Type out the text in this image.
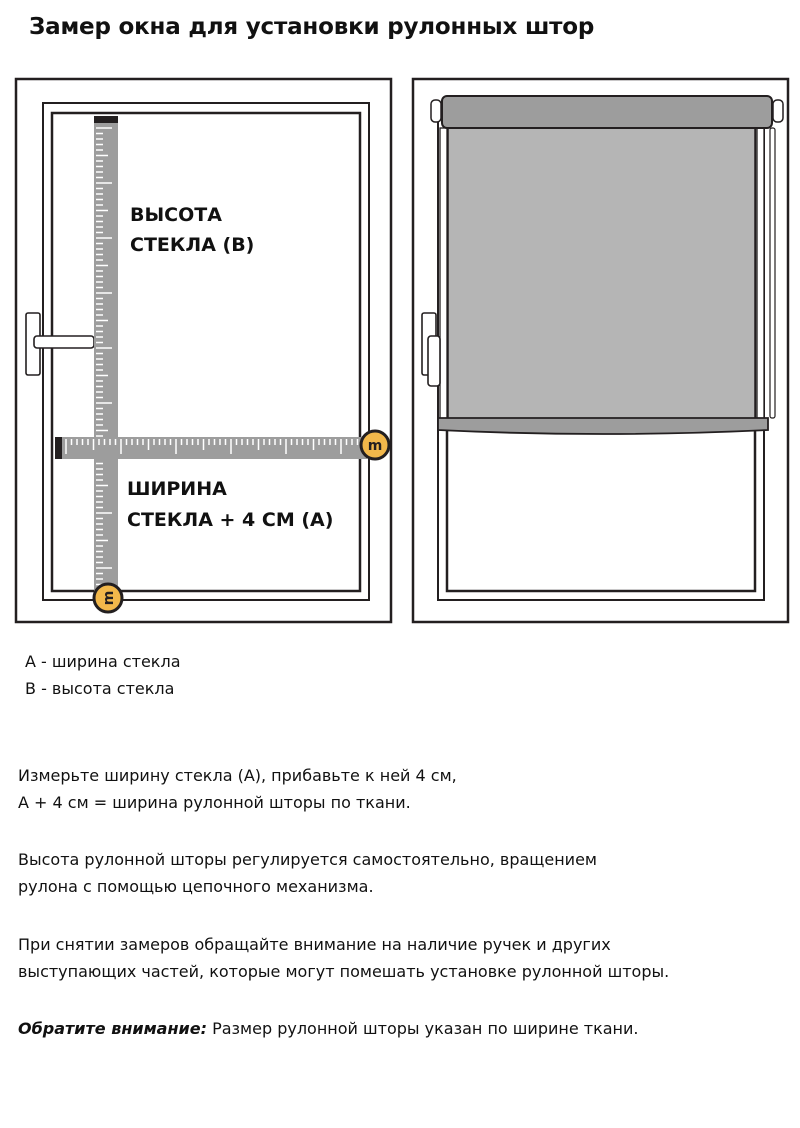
Замер окна для установки рулонных штор
m
m
ВЫСОТА
СТЕКЛА (В)
ШИРИНА
СТЕКЛА + 4 СМ (А)
А - ширина стекла
В - высота стекла
Измерьте ширину стекла (А), прибавьте к ней 4 см,
А + 4 см = ширина рулонной шторы по ткани.
Высота рулонной шторы регулируется самостоятельно, вращением
рулона с помощью цепочного механизма.
При снятии замеров обращайте внимание на наличие ручек и других
выступающих частей, которые могут помешать установке рулонной шторы.
Обратите внимание: Размер рулонной шторы указан по ширине ткани.
